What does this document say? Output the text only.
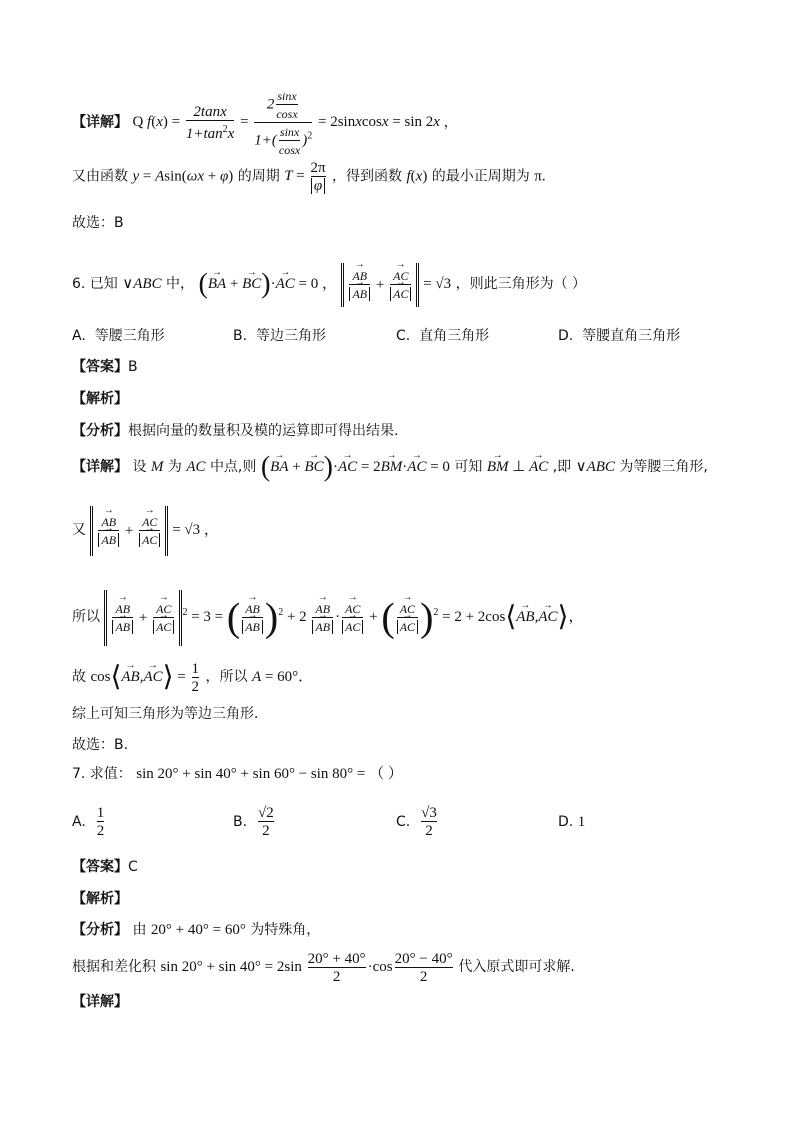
【详解】 Q $f(x) = \frac{2\tan x}{1+\tan^2x} = \frac{2 \frac{\sin x}{\cos x}}{1+( \frac{\sin x}{\cos x} )^2}$ = 2sinxcosx = sin 2x ，
又由函数 y = Asin(ωx + φ) 的周期 $T = \frac{2\pi}{\varphi}$ ，得到函数 f(x) 的最小正周期为 π.
故选：B
6. 已知 ∨ABC 中， (→ BA + → BC)·→ AC = 0 ， → AB
→ AB + → AC
→ AC = √3 ，则此三角形为（ ）
A. 等腰三角形	B. 等边三角形	C. 直角三角形	D. 等腰直角三角形
【答案】B
【解析】
【分析】根据向量的数量积及模的运算即可得出结果.
【详解】 设 M 为 AC 中点,则 (→ BA + → BC)·→ AC = 2→ BM·→ AC = 0 可知 → BM ⊥ → AC ,即 ∨ABC 为等腰三角形,
又 → AB
→ AB + → AC
→ AC = √3 ，
所以 → AB
→ AB + → AC
→ AC $^2$ = 3 = ( → AB
→ AB )$^2$ + 2 → AB
→ AB · → AC
→ AC + ( → AC
→ AC )$^2$ = 2 + 2cos⟨→ AB,→ AC⟩，
故 cos⟨→ AB,→ AC⟩ = $\frac{1}{2}$ ，所以 A = 60°．
综上可知三角形为等边三角形．
故选：B.
7. 求值： sin 20° + sin 40° + sin 60° − sin 80° = （ ）
A. $\frac{1}{2}$	B. $\frac{√2}{2}$	C. $\frac{√3}{2}$	D. 1
【答案】C
【解析】
【分析】 由 20° + 40° = 60° 为特殊角，
根据和差化积 $\sin 20^\circ + \sin 40^\circ = 2\sin \frac{20^\circ + 40^\circ}{2} \cdot\cos \frac{20^\circ - 40^\circ}{2}$ 代入原式即可求解．
【详解】
